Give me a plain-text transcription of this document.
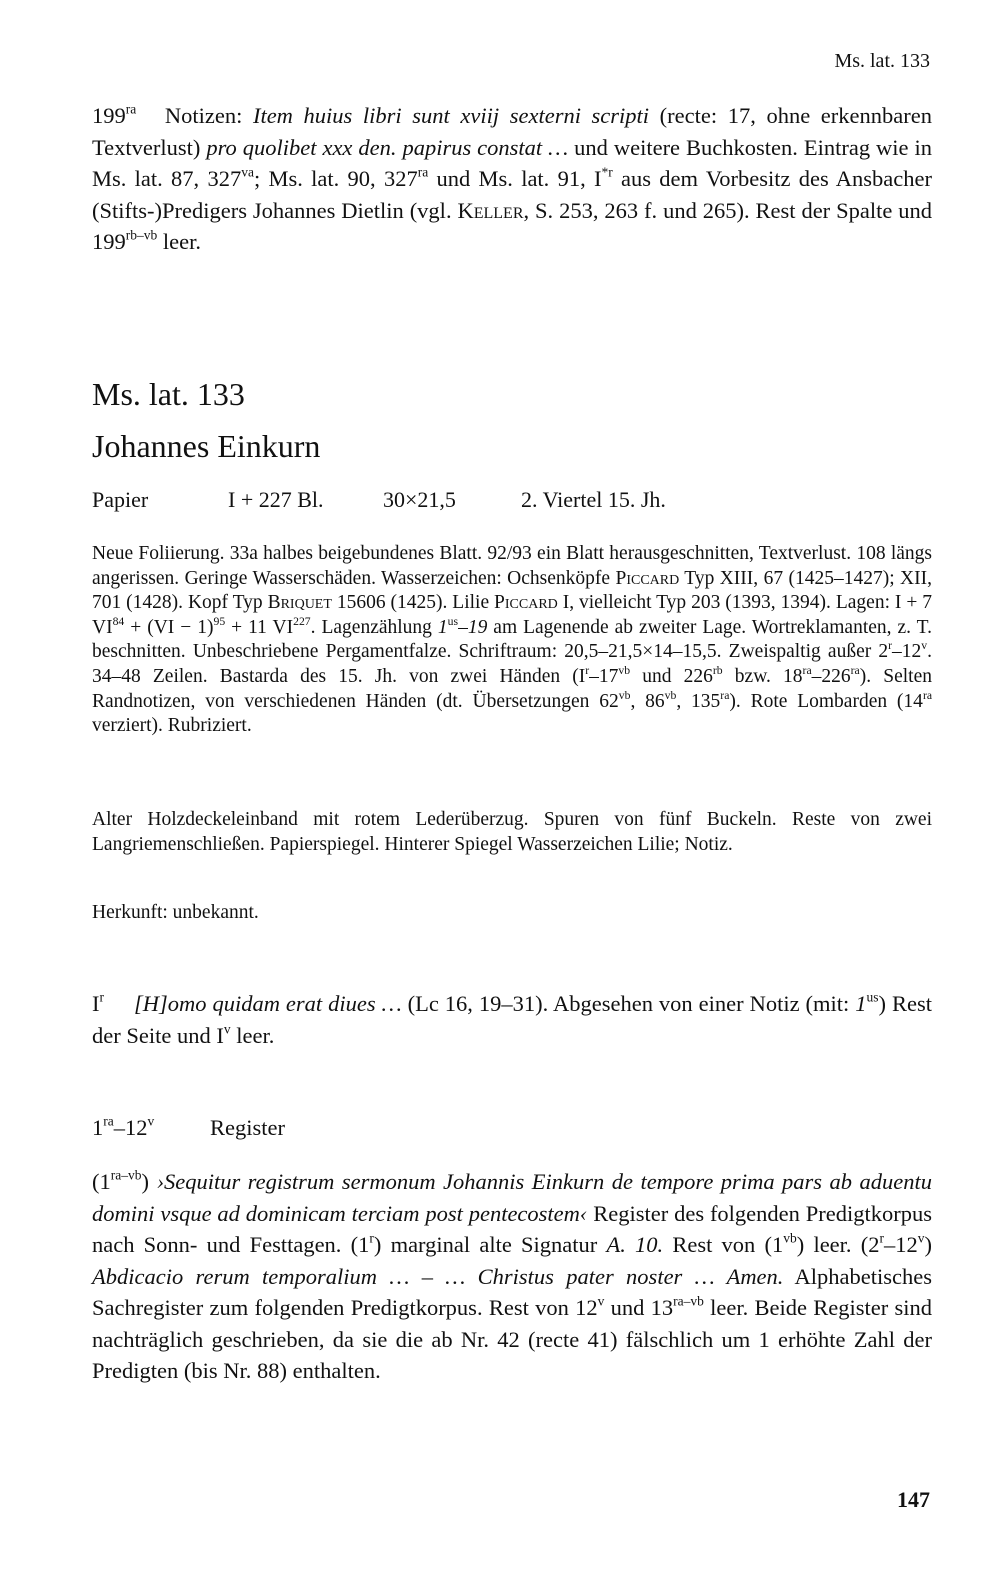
Ms. lat. 133
$199^{ra}$ Notizen: Item huius libri sunt xviij sexterni scripti (recte: 17, ohne erkennbaren Textverlust) pro quolibet xxx den. papirus constat … und weitere Buchkosten. Eintrag wie in Ms. lat. 87, $327^{va}$; Ms. lat. 90, $327^{ra}$ und Ms. lat. 91, $I^{*r}$ aus dem Vorbesitz des Ansbacher (Stifts-)Predigers Johannes Dietlin (vgl. Keller, S. 253, 263 f. und 265). Rest der Spalte und $199^{rb-vb}$ leer.
Ms. lat. 133
Johannes Einkurn
Papier	I + 227 Bl.	30×21,5	2. Viertel 15. Jh.
Neue Foliierung. 33a halbes beigebundenes Blatt. 92/93 ein Blatt herausgeschnitten, Textverlust. 108 längs angerissen. Geringe Wasserschäden. Wasserzeichen: Ochsenköpfe Piccard Typ XIII, 67 (1425–1427); XII, 701 (1428). Kopf Typ Briquet 15606 (1425). Lilie Piccard I, vielleicht Typ 203 (1393, 1394). Lagen: I + 7 $VI^{84} + (VI - 1)^{95} + 11$ VI$^{227}$. Lagenzählung $1^{us}-19$ am Lagenende ab zweiter Lage. Wortreklamanten, z. T. beschnitten. Unbeschriebene Pergamentfalze. Schriftraum: 20,5–21,5×14–15,5. Zweispaltig außer 2$^r$–12$^v$. 34–48 Zeilen. Bastarda des 15. Jh. von zwei Händen ($I^r-17^{vb}$ und $226^{rb}$ bzw. $18^{ra}-226^{ra}$). Selten Randnotizen, von verschiedenen Händen (dt. Übersetzungen $62^{vb}$, $86^{vb}$, $135^{ra}$). Rote Lombarden ($14^{ra}$ verziert). Rubriziert.
Alter Holzdeckeleinband mit rotem Lederüberzug. Spuren von fünf Buckeln. Reste von zwei Langriemenschließen. Papierspiegel. Hinterer Spiegel Wasserzeichen Lilie; Notiz.
Herkunft: unbekannt.
$I^r$ [H]omo quidam erat diues … (Lc 16, 19–31). Abgesehen von einer Notiz (mit: $1^{us}$) Rest der Seite und $I^v$ leer.
$1^{ra}-12^v$ Register
$(1^{ra-vb})$ ›Sequitur registrum sermonum Johannis Einkurn de tempore prima pars ab aduentu domini vsque ad dominicam terciam post pentecostem‹ Register des folgenden Predigtkorpus nach Sonn- und Festtagen. (1$^r$) marginal alte Signatur A. 10. Rest von $(1^{vb})$ leer. (2$^r$–12$^v$) Abdicacio rerum temporalium … – … Christus pater noster … Amen. Alphabetisches Sachregister zum folgenden Predigtkorpus. Rest von 12$^v$ und $13^{ra-vb}$ leer. Beide Register sind nachträglich geschrieben, da sie die ab Nr. 42 (recte 41) fälschlich um 1 erhöhte Zahl der Predigten (bis Nr. 88) enthalten.
147
